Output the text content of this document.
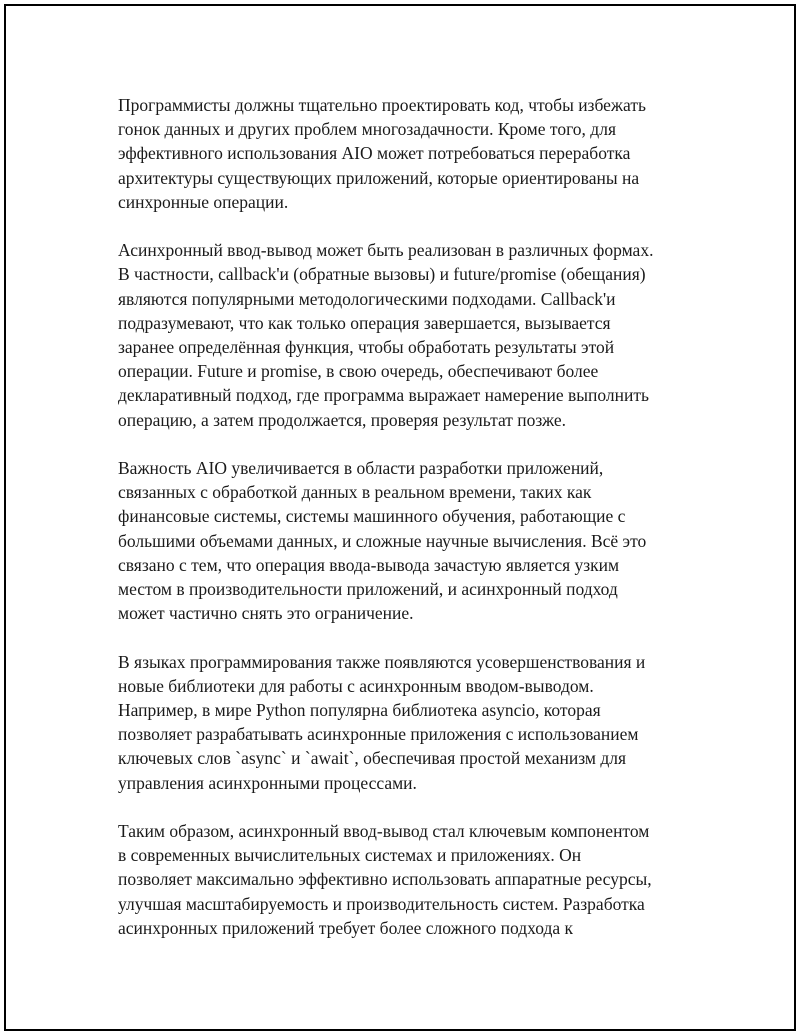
Программисты должны тщательно проектировать код, чтобы избежать
гонок данных и других проблем многозадачности. Кроме того, для
эффективного использования AIO может потребоваться переработка
архитектуры существующих приложений, которые ориентированы на
синхронные операции.

Асинхронный ввод-вывод может быть реализован в различных формах.
В частности, callback'и (обратные вызовы) и future/promise (обещания)
являются популярными методологическими подходами. Callback'и
подразумевают, что как только операция завершается, вызывается
заранее определённая функция, чтобы обработать результаты этой
операции. Future и promise, в свою очередь, обеспечивают более
декларативный подход, где программа выражает намерение выполнить
операцию, а затем продолжается, проверяя результат позже.

Важность AIO увеличивается в области разработки приложений,
связанных с обработкой данных в реальном времени, таких как
финансовые системы, системы машинного обучения, работающие с
большими объемами данных, и сложные научные вычисления. Всё это
связано с тем, что операция ввода-вывода зачастую является узким
местом в производительности приложений, и асинхронный подход
может частично снять это ограничение.

В языках программирования также появляются усовершенствования и
новые библиотеки для работы с асинхронным вводом-выводом.
Например, в мире Python популярна библиотека asyncio, которая
позволяет разрабатывать асинхронные приложения с использованием
ключевых слов `async` и `await`, обеспечивая простой механизм для
управления асинхронными процессами.

Таким образом, асинхронный ввод-вывод стал ключевым компонентом
в современных вычислительных системах и приложениях. Он
позволяет максимально эффективно использовать аппаратные ресурсы,
улучшая масштабируемость и производительность систем. Разработка
асинхронных приложений требует более сложного подхода к
